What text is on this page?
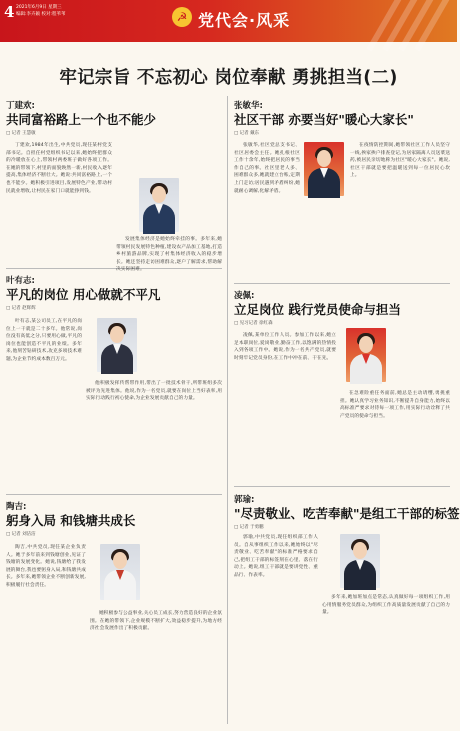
4 2021年6月9日 星期三
编辑:李卉颖 校对:程苇苇	☭ 党代会·风采
牢记宗旨 不忘初心 岗位奉献 勇挑担当(二)
丁建欢:
共同富裕路上一个也不能少
□ 记者 王慧敏
丁建欢,1984年出生,中共党员,现任某村党支部书记。自担任村党组织书记以来,她始终把群众的冷暖放在心上,带领村两委班子做好各项工作。在她的带领下,村里的面貌焕然一新,村民收入逐年提高,集体经济不断壮大。她说:共同富裕路上,一个也不能少。她积极引进项目,发展特色产业,带动村民就业增收,让村民在家门口就能挣到钱。
发展集体经济是她始终牵挂的事。多年来,她带领村民发展特色种植,建设农产品加工基地,打造乡村旅游品牌,实现了村集体经济收入的稳步增长。她还坚持走访困难群众,逐户了解需求,帮助解决实际困难。
张敏华:
社区干部 亦要当好"暖心大家长"
□ 记者 戴东
张敏华,社区党总支书记、社区居委会主任。她扎根社区工作十余年,始终把居民的事当作自己的事。社区里老人多、困难群众多,她就建立台账,定期上门走访;居民遇到矛盾纠纷,她就耐心调解,化解矛盾。
在疫情防控期间,她带领社区工作人员坚守一线,挨家挨户排查登记,为居家隔离人员送菜送药,被居民亲切地称为社区"暖心大家长"。她说,社区干部就是要把温暖送到每一位居民心坎上。
叶有志:
平凡的岗位 用心做就不平凡
□ 记者 赵辉辉
叶有志,某公司员工,在平凡的岗位上一干就是二十多年。他常说,岗位没有高低之分,只要用心做,平凡的岗位也能创造不平凡的业绩。多年来,他刻苦钻研技术,攻克多项技术难题,为企业节约成本数百万元。
他积极发挥传帮带作用,带出了一批技术骨干,所带班组多次被评为先进集体。他说,作为一名党员,就要在岗位上当好表率,用实际行动践行初心使命,为企业发展贡献自己的力量。
凌佩:
立足岗位 践行党员使命与担当
□ 见习记者 徐红森
凌佩,某单位工作人员。参加工作以来,她立足本职岗位,爱岗敬业,勤奋工作,以饱满的热情投入到各项工作中。她说,作为一名共产党员,就要时刻牢记党员身份,在工作中冲在前、干在先。
在急难险重任务面前,她总是主动请缨,勇挑重担。她认真学习业务知识,不断提升自身能力,始终以高标准严要求对待每一项工作,用实际行动诠释了共产党员的使命与担当。
陶吉:
躬身入局 和钱塘共成长
□ 记者 刘洁洁
陶吉,中共党员,现任某企业负责人。她于多年前来到钱塘创业,见证了钱塘的发展变化。她说,钱塘给了我发展的舞台,我也要躬身入局,和钱塘共成长。多年来,她带领企业不断创新发展,积极履行社会责任。
她积极参与公益事业,关心员工成长,努力营造良好的企业氛围。在她的带领下,企业规模不断扩大,效益稳步提升,为地方经济社会发展作出了积极贡献。
郭瑜:
"尽责敬业、吃苦奉献"是组工干部的标签
□ 记者 于勇鹏
郭瑜,中共党员,现任组织部工作人员。自从事组织工作以来,她始终以"尽责敬业、吃苦奉献"的标准严格要求自己,把组工干部的标签刻在心里、落在行动上。她说,组工干部就是要讲党性、重品行、作表率。
多年来,她加班加点是常态,认真做好每一项组织工作,用心用情服务党员群众,为组织工作高质量发展贡献了自己的力量。
